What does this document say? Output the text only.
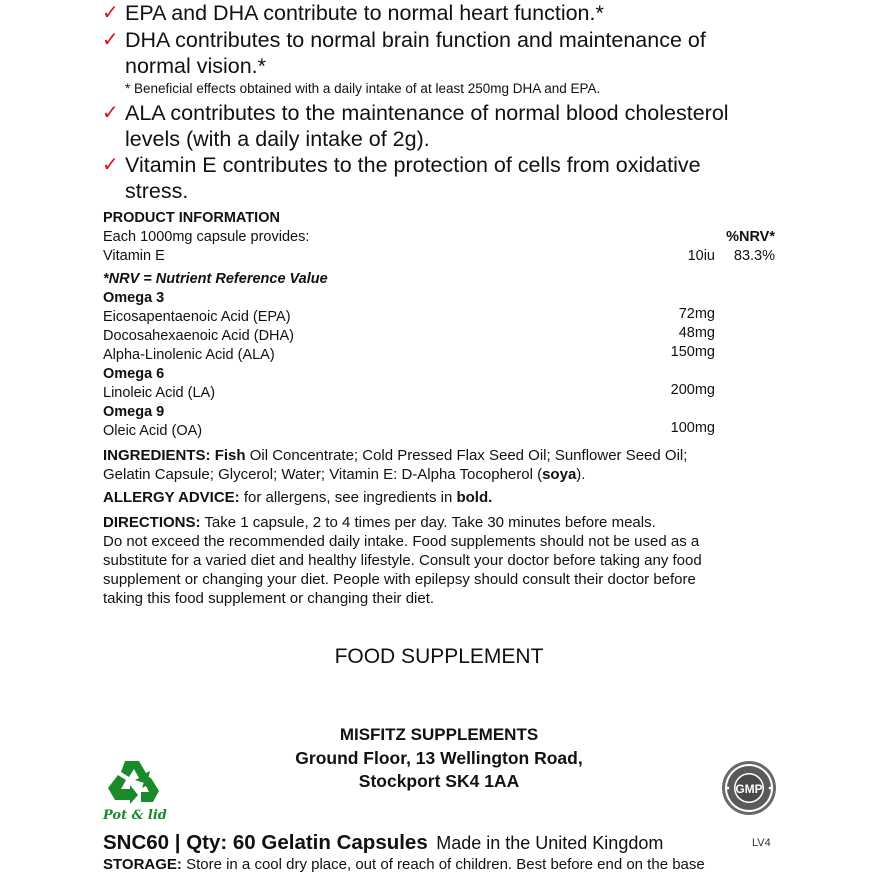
✓ EPA and DHA contribute to normal heart function.*
✓ DHA contributes to normal brain function and maintenance of
normal vision.*
* Beneficial effects obtained with a daily intake of at least 250mg DHA and EPA.
✓ ALA contributes to the maintenance of normal blood cholesterol
levels (with a daily intake of 2g).
✓ Vitamin E contributes to the protection of cells from oxidative
stress.
PRODUCT INFORMATION
Each 1000mg capsule provides:	%NRV*
Vitamin E	10iu 83.3%
*NRV = Nutrient Reference Value
Omega 3
Eicosapentaenoic Acid (EPA)	72mg
Docosahexaenoic Acid (DHA)	48mg
Alpha-Linolenic Acid (ALA)	150mg
Omega 6
Linoleic Acid (LA)	200mg
Omega 9
Oleic Acid (OA)	100mg
INGREDIENTS: Fish Oil Concentrate; Cold Pressed Flax Seed Oil; Sunflower Seed Oil;
Gelatin Capsule; Glycerol; Water; Vitamin E: D-Alpha Tocopherol (soya).
ALLERGY ADVICE: for allergens, see ingredients in bold.
DIRECTIONS: Take 1 capsule, 2 to 4 times per day. Take 30 minutes before meals.
Do not exceed the recommended daily intake. Food supplements should not be used as a
substitute for a varied diet and healthy lifestyle. Consult your doctor before taking any food
supplement or changing your diet. People with epilepsy should consult their doctor before
taking this food supplement or changing their diet.
FOOD SUPPLEMENT
MISFITZ SUPPLEMENTS
Ground Floor, 13 Wellington Road,
Stockport SK4 1AA
Pot & lid
GMP
SNC60 | Qty: 60 Gelatin Capsules Made in the United Kingdom	LV4
STORAGE: Store in a cool dry place, out of reach of children. Best before end on the base
